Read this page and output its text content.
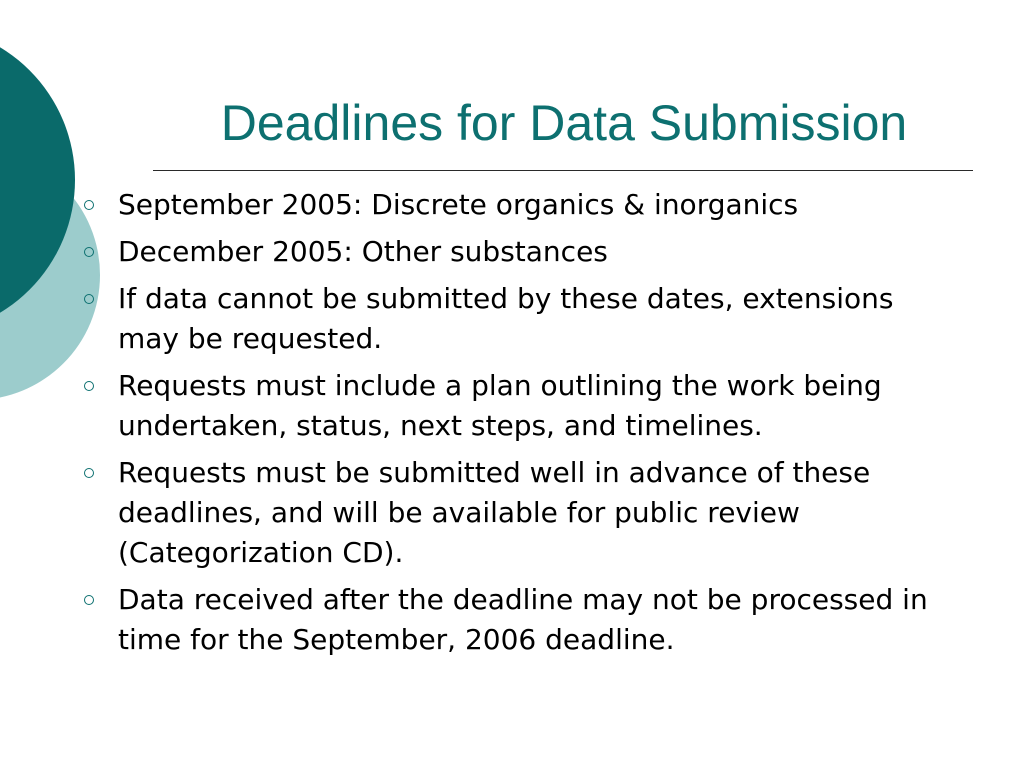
Deadlines for Data Submission
September 2005: Discrete organics & inorganics
December 2005: Other substances
If data cannot be submitted by these dates, extensions may be requested.
Requests must include a plan outlining the work being undertaken, status, next steps, and timelines.
Requests must be submitted well in advance of these deadlines, and will be available for public review (Categorization CD).
Data received after the deadline may not be processed in time for the September, 2006 deadline.
